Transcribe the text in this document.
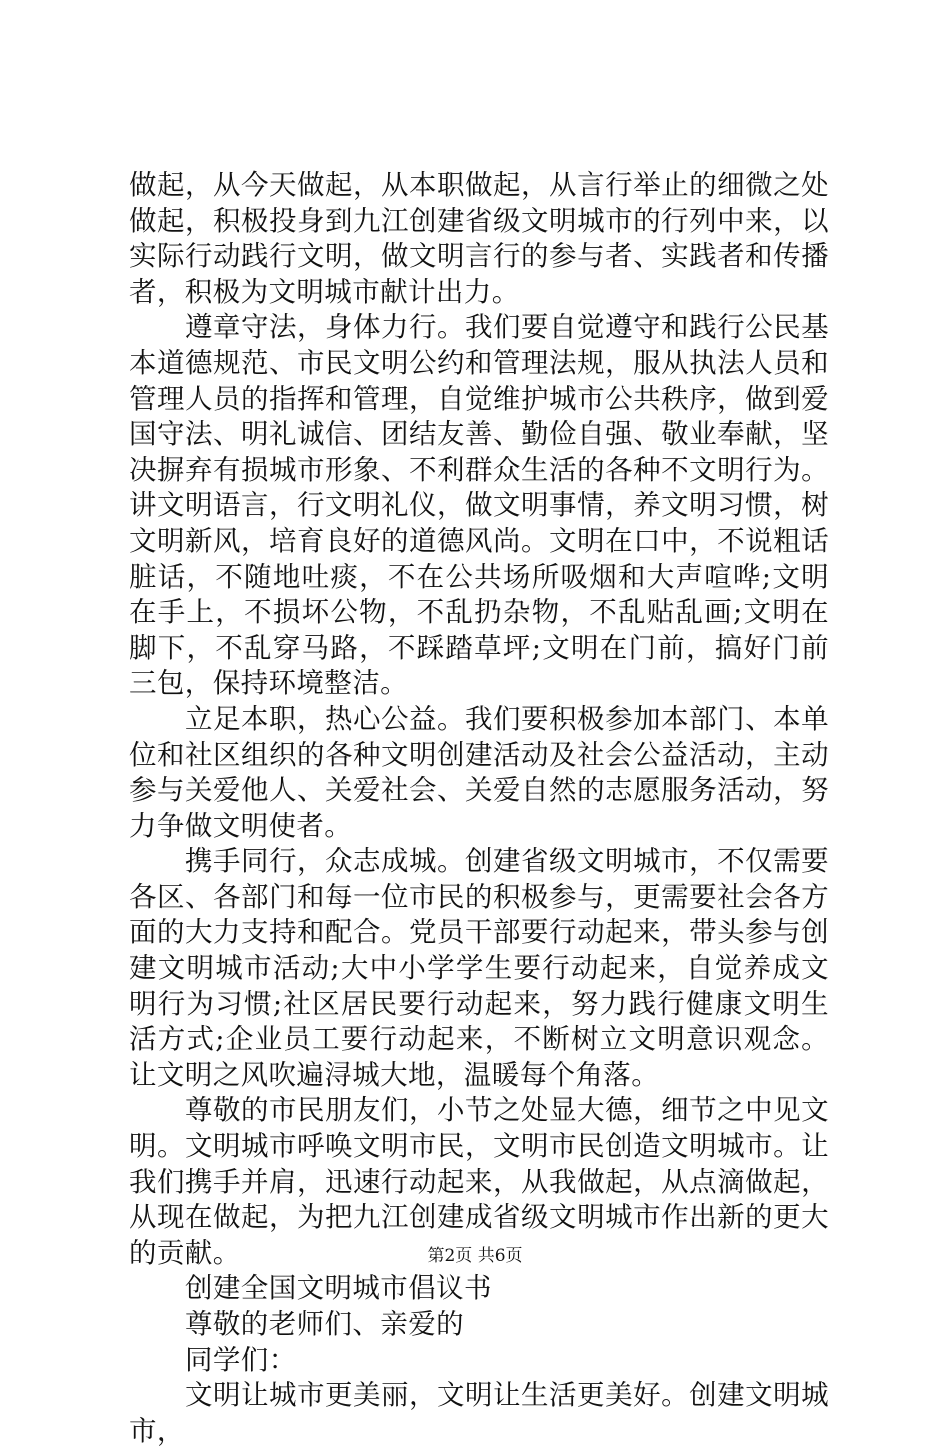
做起，从今天做起，从本职做起，从言行举止的细微之处做起，积极投身到九江创建省级文明城市的行列中来，以实际行动践行文明，做文明言行的参与者、实践者和传播者，积极为文明城市献计出力。

遵章守法，身体力行。我们要自觉遵守和践行公民基本道德规范、市民文明公约和管理法规，服从执法人员和管理人员的指挥和管理，自觉维护城市公共秩序，做到爱国守法、明礼诚信、团结友善、勤俭自强、敬业奉献，坚决摒弃有损城市形象、不利群众生活的各种不文明行为。讲文明语言，行文明礼仪，做文明事情，养文明习惯，树文明新风，培育良好的道德风尚。文明在口中，不说粗话脏话，不随地吐痰，不在公共场所吸烟和大声喧哗;文明在手上，不损坏公物，不乱扔杂物，不乱贴乱画;文明在脚下，不乱穿马路，不踩踏草坪;文明在门前，搞好门前三包，保持环境整洁。

立足本职，热心公益。我们要积极参加本部门、本单位和社区组织的各种文明创建活动及社会公益活动，主动参与关爱他人、关爱社会、关爱自然的志愿服务活动，努力争做文明使者。

携手同行，众志成城。创建省级文明城市，不仅需要各区、各部门和每一位市民的积极参与，更需要社会各方面的大力支持和配合。党员干部要行动起来，带头参与创建文明城市活动;大中小学学生要行动起来，自觉养成文明行为习惯;社区居民要行动起来，努力践行健康文明生活方式;企业员工要行动起来，不断树立文明意识观念。让文明之风吹遍浔城大地，温暖每个角落。

尊敬的市民朋友们，小节之处显大德，细节之中见文明。文明城市呼唤文明市民，文明市民创造文明城市。让我们携手并肩，迅速行动起来，从我做起，从点滴做起，从现在做起，为把九江创建成省级文明城市作出新的更大的贡献。

创建全国文明城市倡议书

尊敬的老师们、亲爱的

同学们：

文明让城市更美丽，文明让生活更美好。创建文明城市，

第2页 共6页
